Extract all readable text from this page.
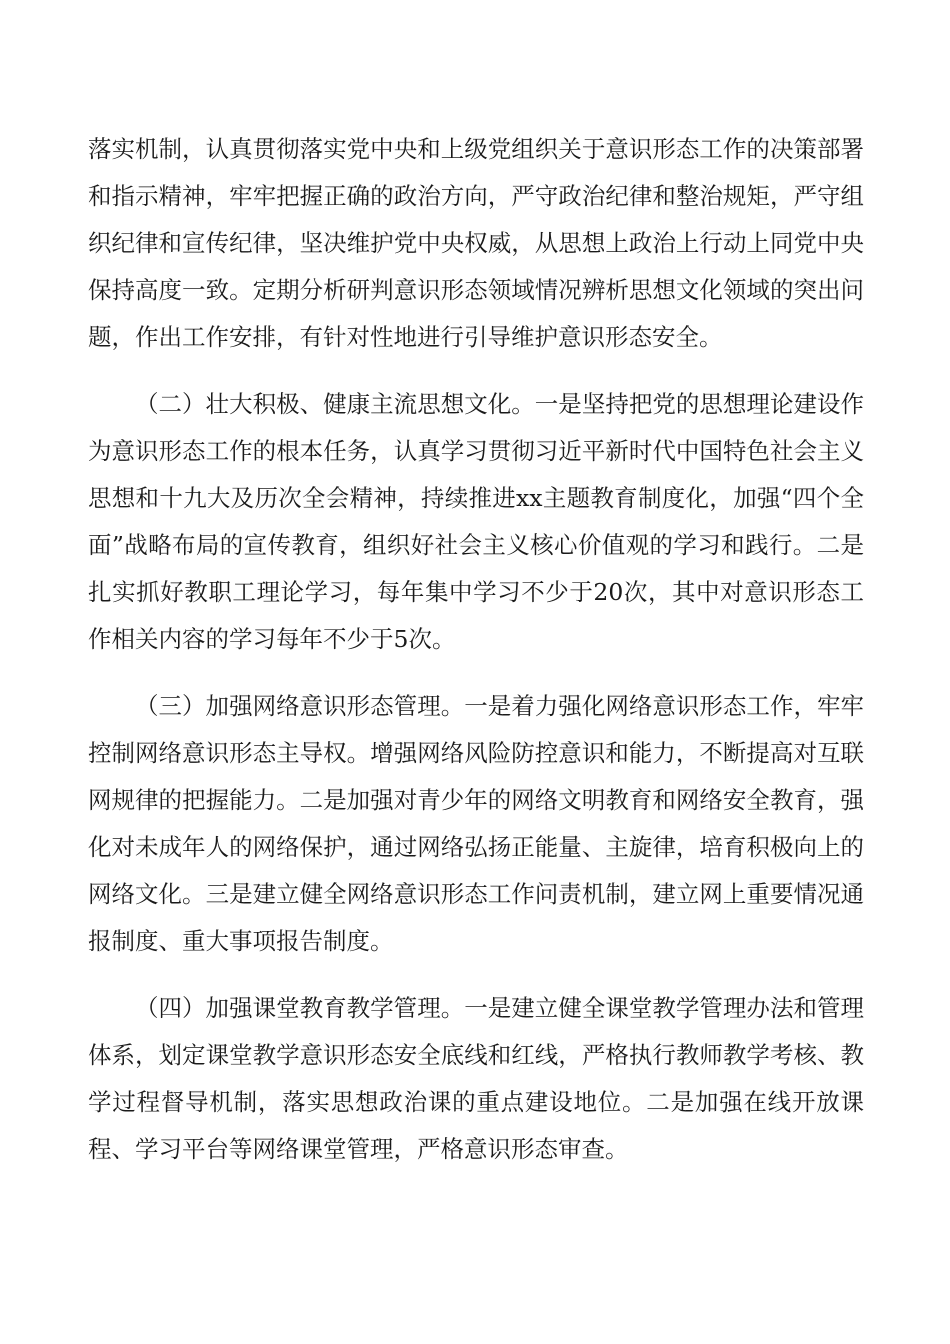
落实机制，认真贯彻落实党中央和上级党组织关于意识形态工作的决策部署和指示精神，牢牢把握正确的政治方向，严守政治纪律和整治规矩，严守组织纪律和宣传纪律，坚决维护党中央权威，从思想上政治上行动上同党中央保持高度一致。定期分析研判意识形态领域情况辨析思想文化领域的突出问题，作出工作安排，有针对性地进行引导维护意识形态安全。

（二）壮大积极、健康主流思想文化。一是坚持把党的思想理论建设作为意识形态工作的根本任务，认真学习贯彻习近平新时代中国特色社会主义思想和十九大及历次全会精神，持续推进xx主题教育制度化，加强“四个全面”战略布局的宣传教育，组织好社会主义核心价值观的学习和践行。二是扎实抓好教职工理论学习，每年集中学习不少于20次，其中对意识形态工作相关内容的学习每年不少于5次。

（三）加强网络意识形态管理。一是着力强化网络意识形态工作，牢牢控制网络意识形态主导权。增强网络风险防控意识和能力，不断提高对互联网规律的把握能力。二是加强对青少年的网络文明教育和网络安全教育，强化对未成年人的网络保护，通过网络弘扬正能量、主旋律，培育积极向上的网络文化。三是建立健全网络意识形态工作问责机制，建立网上重要情况通报制度、重大事项报告制度。

（四）加强课堂教育教学管理。一是建立健全课堂教学管理办法和管理体系，划定课堂教学意识形态安全底线和红线，严格执行教师教学考核、教学过程督导机制，落实思想政治课的重点建设地位。二是加强在线开放课程、学习平台等网络课堂管理，严格意识形态审查。
